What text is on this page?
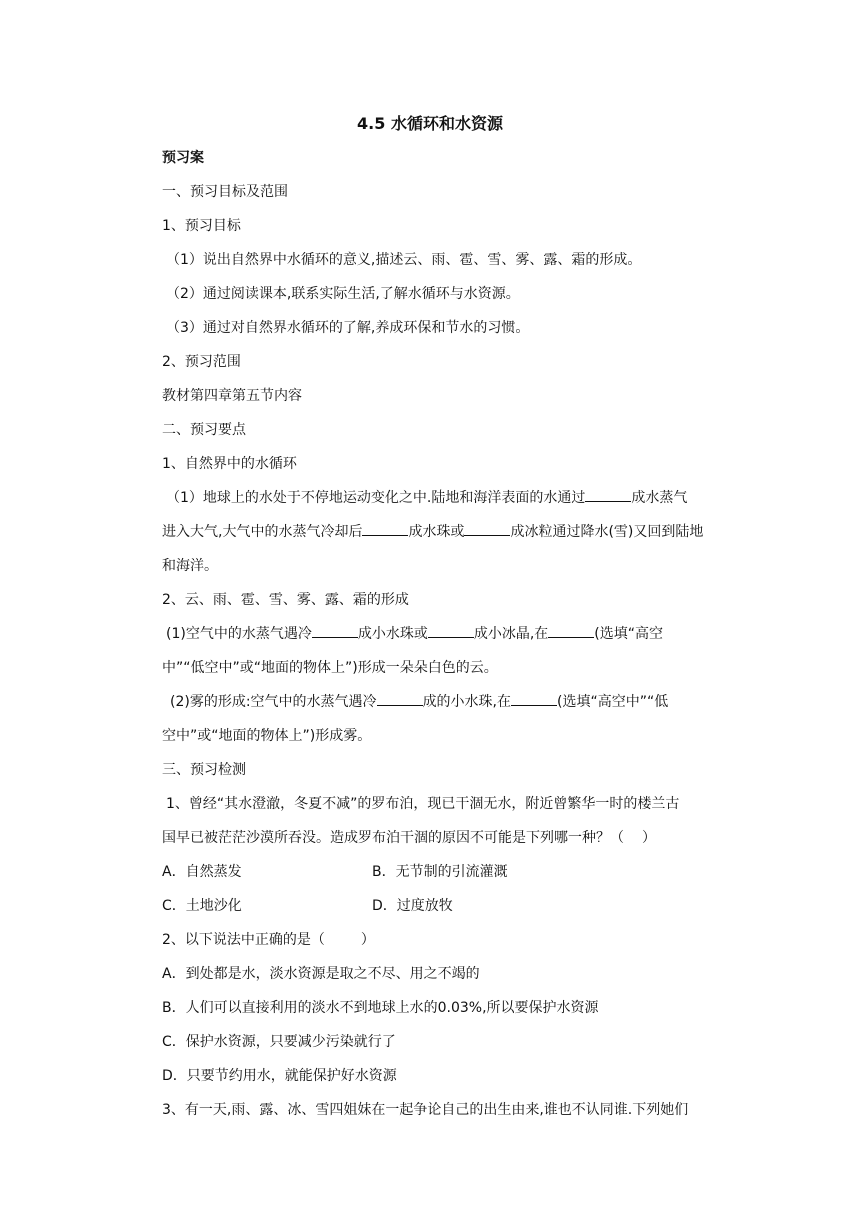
4.5 水循环和水资源
预习案
一、预习目标及范围
1、预习目标
（1）说出自然界中水循环的意义,描述云、雨、雹、雪、雾、露、霜的形成。
（2）通过阅读课本,联系实际生活,了解水循环与水资源。
（3）通过对自然界水循环的了解,养成环保和节水的习惯。
2、预习范围
教材第四章第五节内容
二、预习要点
1、自然界中的水循环
（1）地球上的水处于不停地运动变化之中.陆地和海洋表面的水通过	成水蒸气
进入大气,大气中的水蒸气冷却后	成水珠或	成冰粒通过降水(雪)又回到陆地
和海洋。
2、云、雨、雹、雪、雾、露、霜的形成
(1)空气中的水蒸气遇冷	成小水珠或	成小冰晶,在	(选填“高空
中”“低空中”或“地面的物体上”)形成一朵朵白色的云。
(2)雾的形成:空气中的水蒸气遇冷	成的小水珠,在	(选填“高空中”“低
空中”或“地面的物体上”)形成雾。
三、预习检测
1、曾经“其水澄澈，冬夏不减”的罗布泊，现已干涸无水，附近曾繁华一时的楼兰古
国早已被茫茫沙漠所吞没。造成罗布泊干涸的原因不可能是下列哪一种？（ ）
A．自然蒸发	B．无节制的引流灌溉
C．土地沙化	D．过度放牧
2、以下说法中正确的是（	）
A．到处都是水，淡水资源是取之不尽、用之不竭的
B．人们可以直接利用的淡水不到地球上水的0.03%,所以要保护水资源
C．保护水资源，只要减少污染就行了
D．只要节约用水，就能保护好水资源
3、有一天,雨、露、冰、雪四姐妹在一起争论自己的出生由来,谁也不认同谁.下列她们
